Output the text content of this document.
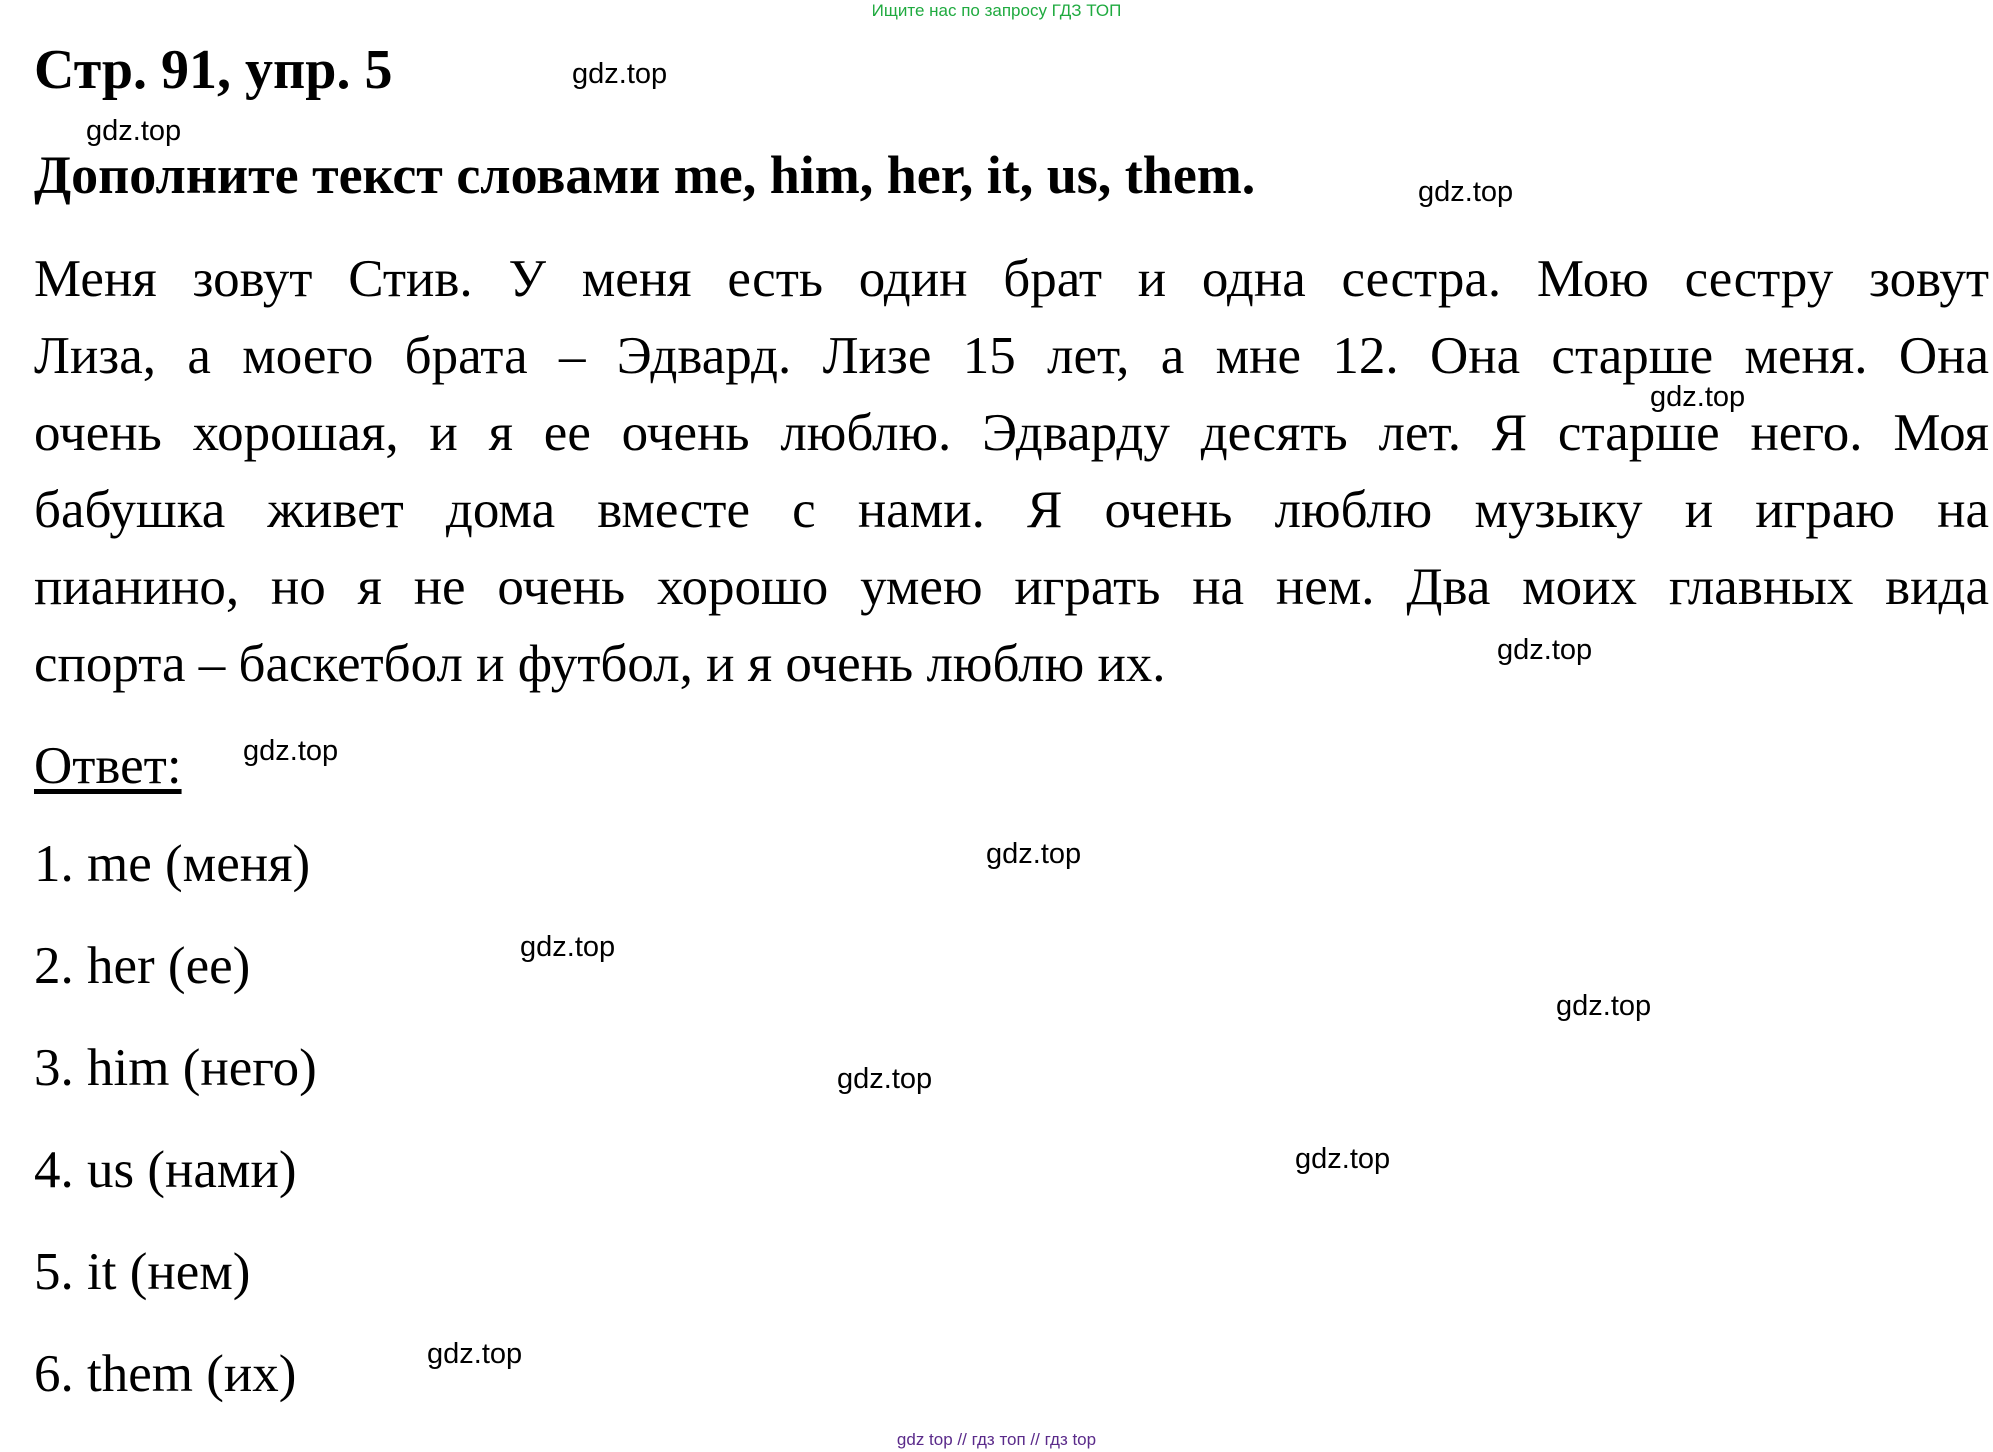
Ищите нас по запросу ГДЗ ТОП
Стр. 91, упр. 5
Дополните текст словами me, him, her, it, us, them.
Меня зовут Стив. У меня есть один брат и одна сестра. Мою сестру зовут
Лиза, а моего брата – Эдвард. Лизе 15 лет, а мне 12. Она старше меня. Она
очень хорошая, и я ее очень люблю. Эдварду десять лет. Я старше него. Моя
бабушка живет дома вместе с нами. Я очень люблю музыку и играю на
пианино, но я не очень хорошо умею играть на нем. Два моих главных вида
спорта – баскетбол и футбол, и я очень люблю их.
Ответ:
1. me (меня)
2. her (ее)
3. him (него)
4. us (нами)
5. it (нем)
6. them (их)
gdz.top
gdz.top
gdz.top
gdz.top
gdz.top
gdz.top
gdz.top
gdz.top
gdz.top
gdz.top
gdz.top
gdz.top
gdz top // гдз топ // гдз top
